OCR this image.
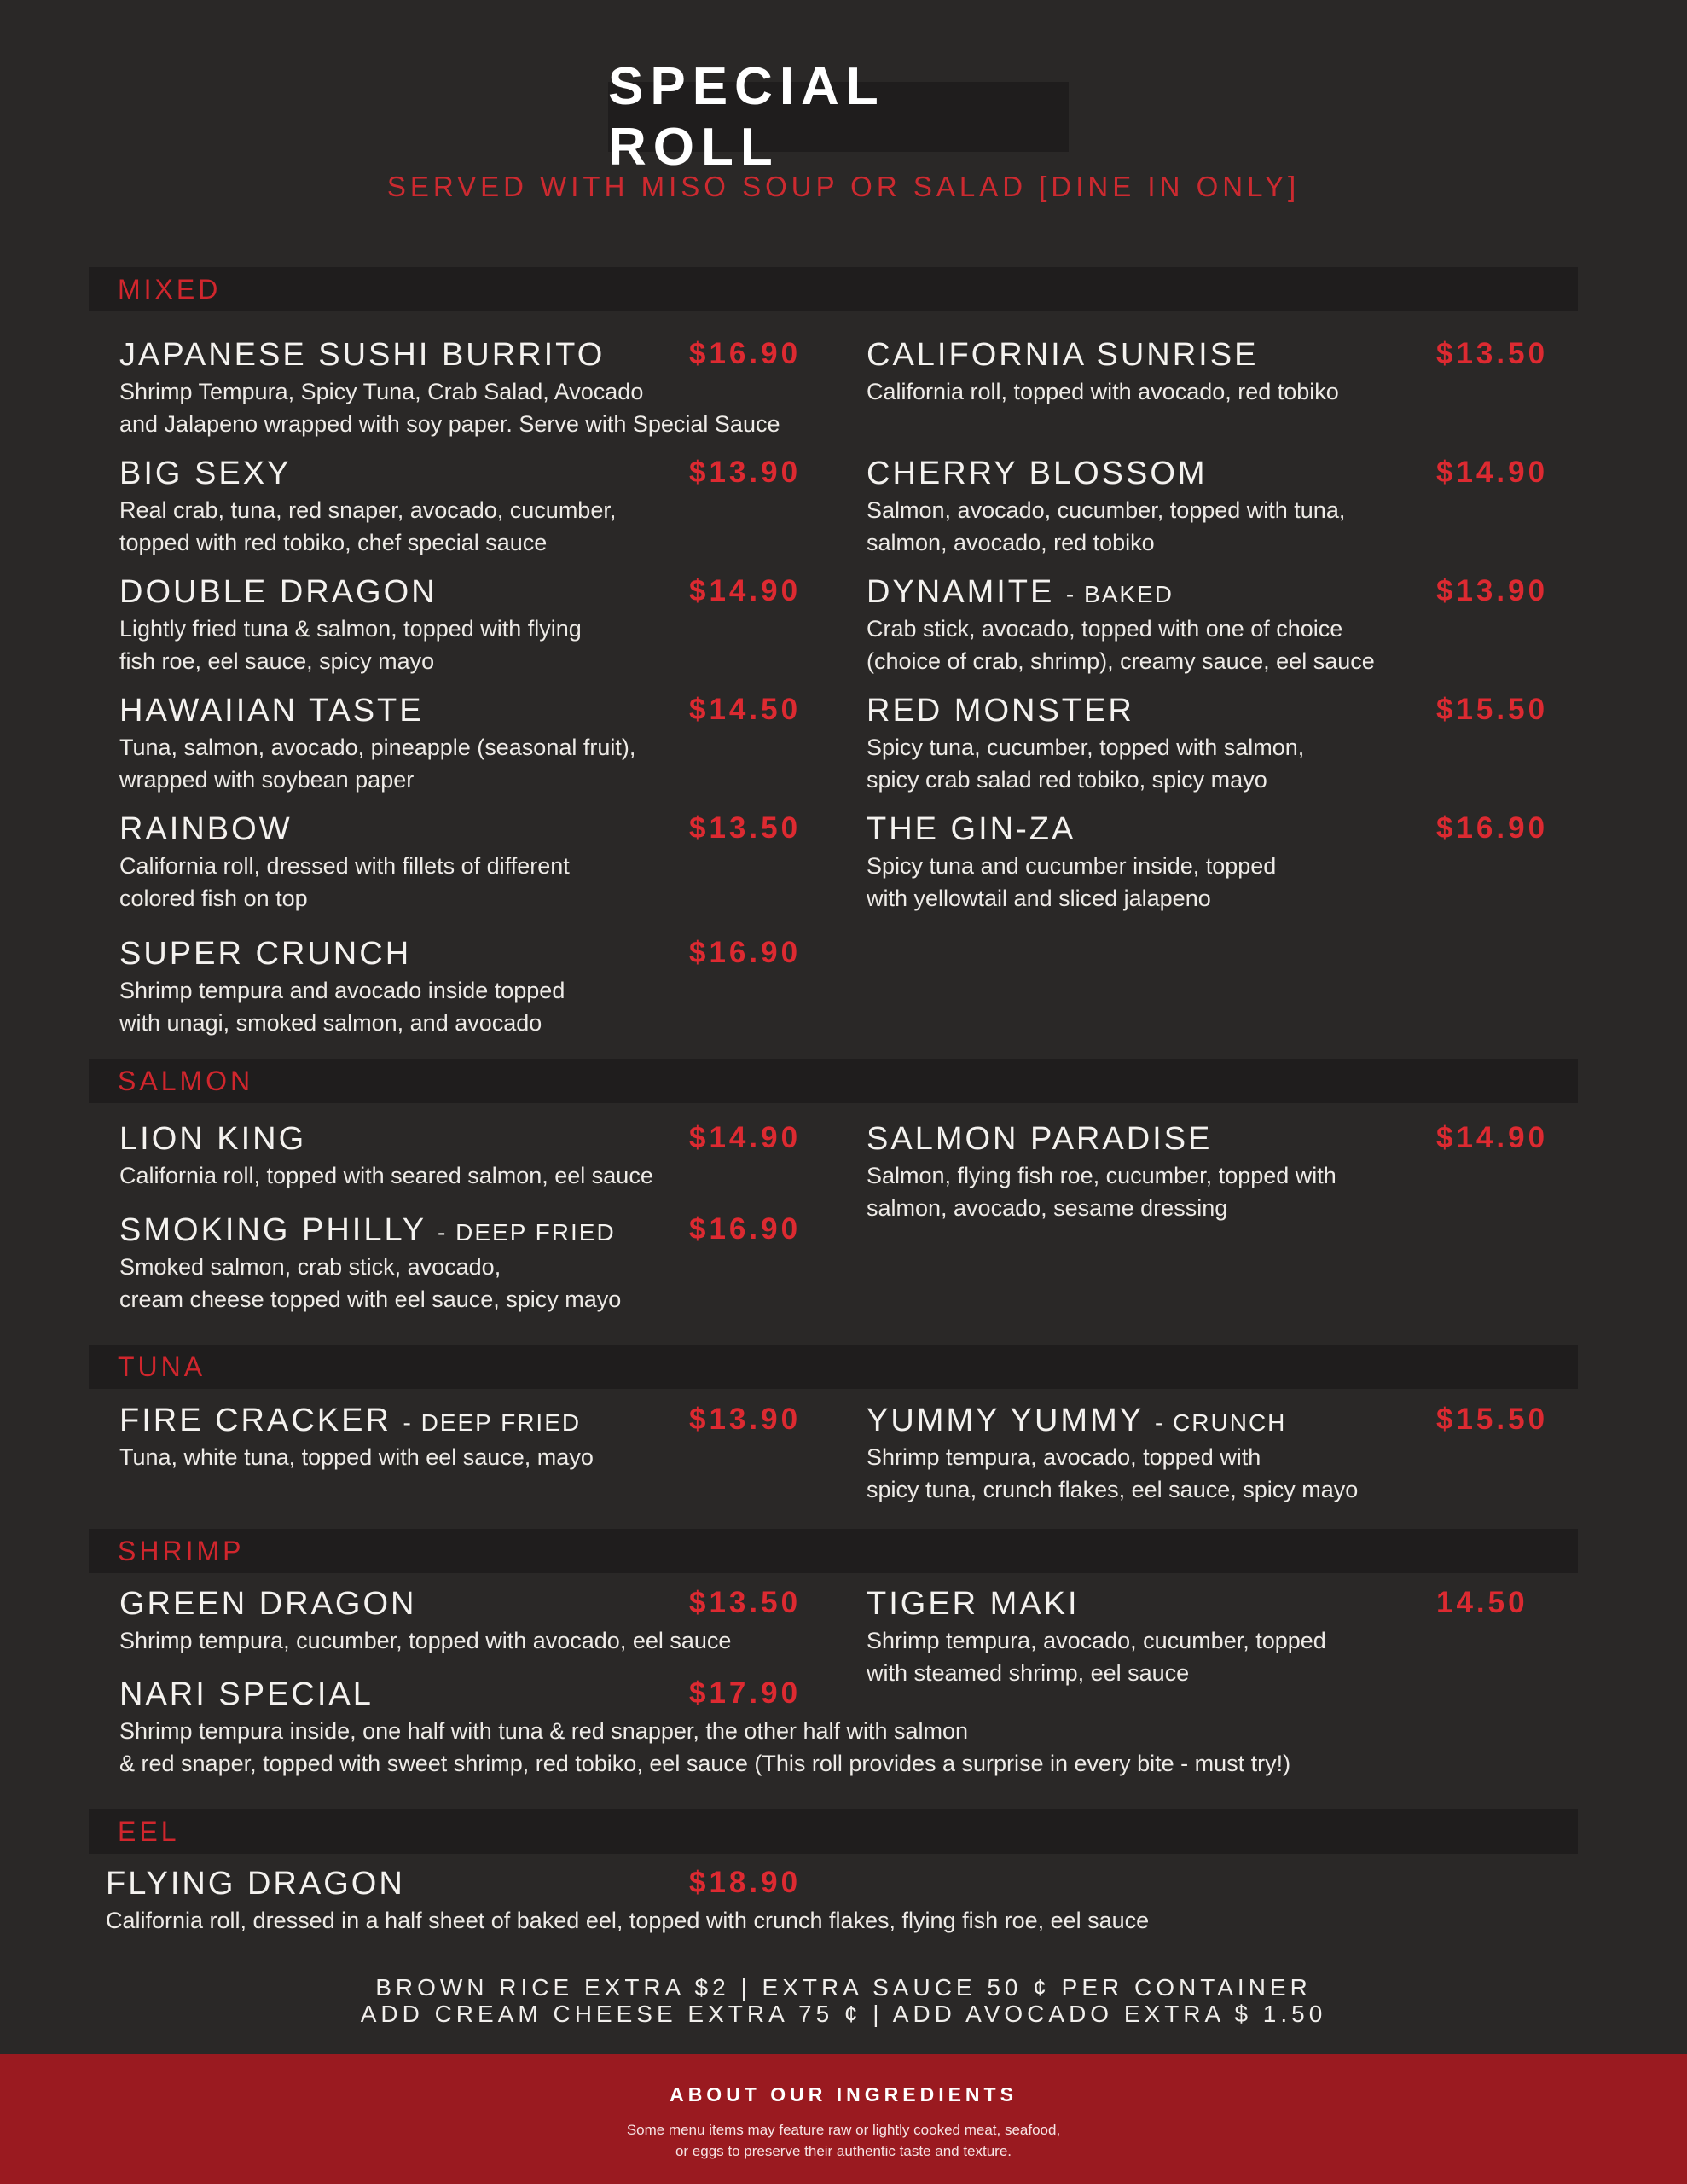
SPECIAL ROLL
SERVED WITH MISO SOUP OR SALAD [DINE IN ONLY]
MIXED
SALMON
TUNA
SHRIMP
EEL
JAPANESE SUSHI BURRITO	$16.90
Shrimp Tempura, Spicy Tuna, Crab Salad, Avocado
and Jalapeno wrapped with soy paper. Serve with Special Sauce
CALIFORNIA SUNRISE	$13.50
California roll, topped with avocado, red tobiko
BIG SEXY	$13.90
Real crab, tuna, red snaper, avocado, cucumber,
topped with red tobiko, chef special sauce
CHERRY BLOSSOM	$14.90
Salmon, avocado, cucumber, topped with tuna,
salmon, avocado, red tobiko
DOUBLE DRAGON	$14.90
Lightly fried tuna & salmon, topped with flying
fish roe, eel sauce, spicy mayo
DYNAMITE - BAKED	$13.90
Crab stick, avocado, topped with one of choice
(choice of crab, shrimp), creamy sauce, eel sauce
HAWAIIAN TASTE	$14.50
Tuna, salmon, avocado, pineapple (seasonal fruit),
wrapped with soybean paper
RED MONSTER	$15.50
Spicy tuna, cucumber, topped with salmon,
spicy crab salad red tobiko, spicy mayo
RAINBOW	$13.50
California roll, dressed with fillets of different
colored fish on top
THE GIN-ZA	$16.90
Spicy tuna and cucumber inside, topped
with yellowtail and sliced jalapeno
SUPER CRUNCH	$16.90
Shrimp tempura and avocado inside topped
with unagi, smoked salmon, and avocado
LION KING	$14.90
California roll, topped with seared salmon, eel sauce
SALMON PARADISE	$14.90
Salmon, flying fish roe, cucumber, topped with
salmon, avocado, sesame dressing
SMOKING PHILLY - DEEP FRIED $16.90
Smoked salmon, crab stick, avocado,
cream cheese topped with eel sauce, spicy mayo
FIRE CRACKER - DEEP FRIED	$13.90
Tuna, white tuna, topped with eel sauce, mayo
YUMMY YUMMY - CRUNCH	$15.50
Shrimp tempura, avocado, topped with
spicy tuna, crunch flakes, eel sauce, spicy mayo
GREEN DRAGON	$13.50
Shrimp tempura, cucumber, topped with avocado, eel sauce
TIGER MAKI	14.50
Shrimp tempura, avocado, cucumber, topped
with steamed shrimp, eel sauce
NARI SPECIAL	$17.90
Shrimp tempura inside, one half with tuna & red snapper, the other half with salmon
& red snaper, topped with sweet shrimp, red tobiko, eel sauce (This roll provides a surprise in every bite - must try!)
FLYING DRAGON	$18.90
California roll, dressed in a half sheet of baked eel, topped with crunch flakes, flying fish roe, eel sauce
BROWN RICE EXTRA $2 | EXTRA SAUCE 50 ¢ PER CONTAINER
ADD CREAM CHEESE EXTRA 75 ¢ | ADD AVOCADO EXTRA $ 1.50
ABOUT OUR INGREDIENTS
Some menu items may feature raw or lightly cooked meat, seafood,
or eggs to preserve their authentic taste and texture.
